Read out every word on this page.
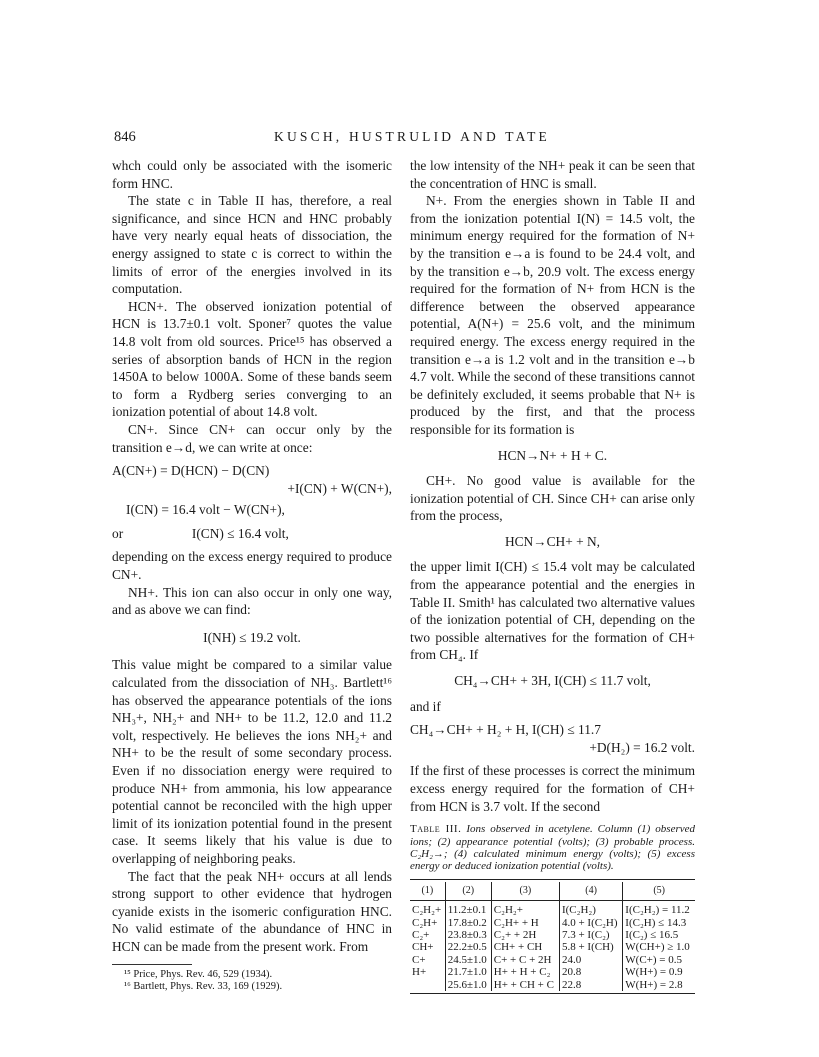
846	KUSCH, HUSTRULID AND TATE

whch could only be associated with the isomeric form HNC.

The state c in Table II has, therefore, a real significance, and since HCN and HNC probably have very nearly equal heats of dissociation, the energy assigned to state c is correct to within the limits of error of the energies involved in its computation.

HCN+. The observed ionization potential of HCN is 13.7±0.1 volt. Sponer⁷ quotes the value 14.8 volt from old sources. Price¹⁵ has observed a series of absorption bands of HCN in the region 1450A to below 1000A. Some of these bands seem to form a Rydberg series converging to an ionization potential of about 14.8 volt.

CN+. Since CN+ can occur only by the transition e→d, we can write at once:

A(CN+) = D(HCN) − D(CN)

+I(CN) + W(CN+),

I(CN) = 16.4 volt − W(CN+),

or	I(CN) ≤ 16.4 volt,

depending on the excess energy required to produce CN+.

NH+. This ion can also occur in only one way, and as above we can find:

I(NH) ≤ 19.2 volt.

This value might be compared to a similar value calculated from the dissociation of NH₃. Bartlett¹⁶ has observed the appearance potentials of the ions NH₃+, NH₂+ and NH+ to be 11.2, 12.0 and 11.2 volt, respectively. He believes the ions NH₂+ and NH+ to be the result of some secondary process. Even if no dissociation energy were required to produce NH+ from ammonia, his low appearance potential cannot be reconciled with the high upper limit of its ionization potential found in the present case. It seems likely that his value is due to overlapping of neighboring peaks.

The fact that the peak NH+ occurs at all lends strong support to other evidence that hydrogen cyanide exists in the isomeric configuration HNC. No valid estimate of the abundance of HNC in HCN can be made from the present work. From

¹⁵ Price, Phys. Rev. 46, 529 (1934).

¹⁶ Bartlett, Phys. Rev. 33, 169 (1929).

the low intensity of the NH+ peak it can be seen that the concentration of HNC is small.

N+. From the energies shown in Table II and from the ionization potential I(N) = 14.5 volt, the minimum energy required for the formation of N+ by the transition e→a is found to be 24.4 volt, and by the transition e→b, 20.9 volt. The excess energy required for the formation of N+ from HCN is the difference between the observed appearance potential, A(N+) = 25.6 volt, and the minimum required energy. The excess energy required in the transition e→a is 1.2 volt and in the transition e→b 4.7 volt. While the second of these transitions cannot be definitely excluded, it seems probable that N+ is produced by the first, and that the process responsible for its formation is

HCN→N+ + H + C.

CH+. No good value is available for the ionization potential of CH. Since CH+ can arise only from the process,

HCN→CH+ + N,

the upper limit I(CH) ≤ 15.4 volt may be calculated from the appearance potential and the energies in Table II. Smith¹ has calculated two alternative values of the ionization potential of CH, depending on the two possible alternatives for the formation of CH+ from CH₄. If

CH₄→CH+ + 3H, I(CH) ≤ 11.7 volt,

and if

CH₄→CH+ + H₂ + H, I(CH) ≤ 11.7

+D(H₂) = 16.2 volt.

If the first of these processes is correct the minimum excess energy required for the formation of CH+ from HCN is 3.7 volt. If the second

Table III. Ions observed in acetylene. Column (1) observed ions; (2) appearance potential (volts); (3) probable process. C₂H₂→; (4) calculated minimum energy (volts); (5) excess energy or deduced ionization potential (volts).

(1)	(2)	(3)	(4)	(5)
C₂H₂+	11.2±0.1	C₂H₂+	I(C₂H₂)	I(C₂H₂) = 11.2
C₂H+	17.8±0.2	C₂H+ + H	4.0 + I(C₂H)	I(C₂H) ≤ 14.3
C₂+	23.8±0.3	C₂+ + 2H	7.3 + I(C₂)	I(C₂) ≤ 16.5
CH+	22.2±0.5	CH+ + CH	5.8 + I(CH)	W(CH+) ≥ 1.0
C+	24.5±1.0	C+ + C + 2H	24.0	W(C+) = 0.5
H+	21.7±1.0	H+ + H + C₂	20.8	W(H+) = 0.9
	25.6±1.0	H+ + CH + C	22.8	W(H+) = 2.8
